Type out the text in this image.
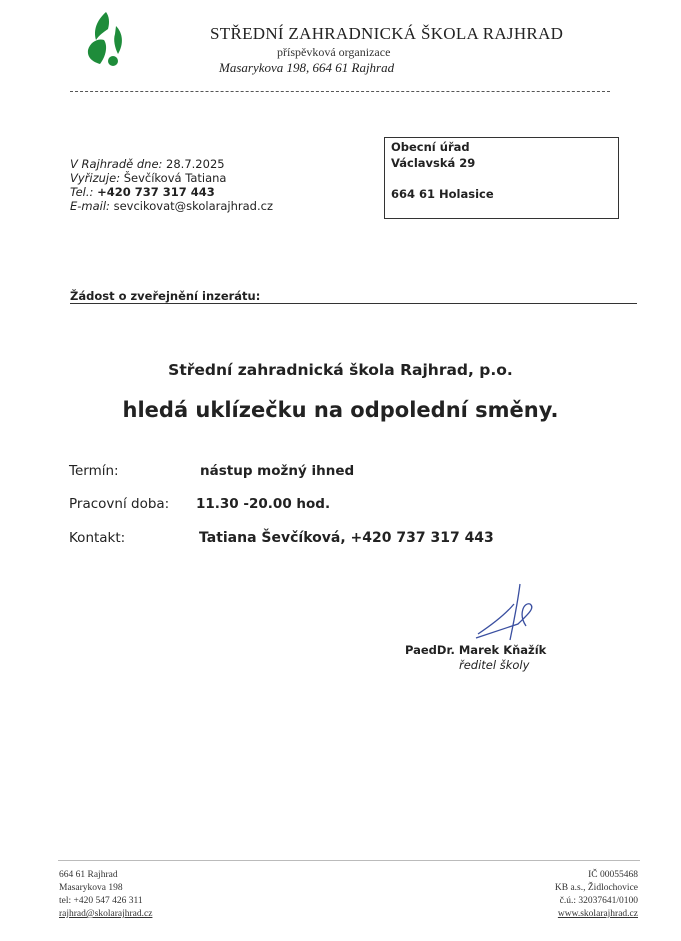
STŘEDNÍ ZAHRADNICKÁ ŠKOLA RAJHRAD
příspěvková organizace
Masarykova 198, 664 61 Rajhrad
V Rajhradě dne: 28.7.2025
Vyřizuje: Ševčíková Tatiana
Tel.: +420 737 317 443
E-mail: sevcikovat@skolarajhrad.cz
Obecní úřad
Václavská 29
664 61 Holasice
Žádost o zveřejnění inzerátu:
Střední zahradnická škola Rajhrad, p.o.
hledá uklízečku na odpolední směny.
Termín:	nástup možný ihned
Pracovní doba: 11.30 -20.00 hod.
Kontakt:	Tatiana Ševčíková, +420 737 317 443
PaedDr. Marek Kňažík
ředitel školy
664 61 Rajhrad
Masarykova 198
tel: +420 547 426 311
rajhrad@skolarajhrad.cz
IČ 00055468
KB a.s., Židlochovice
č.ú.: 32037641/0100
www.skolarajhrad.cz
